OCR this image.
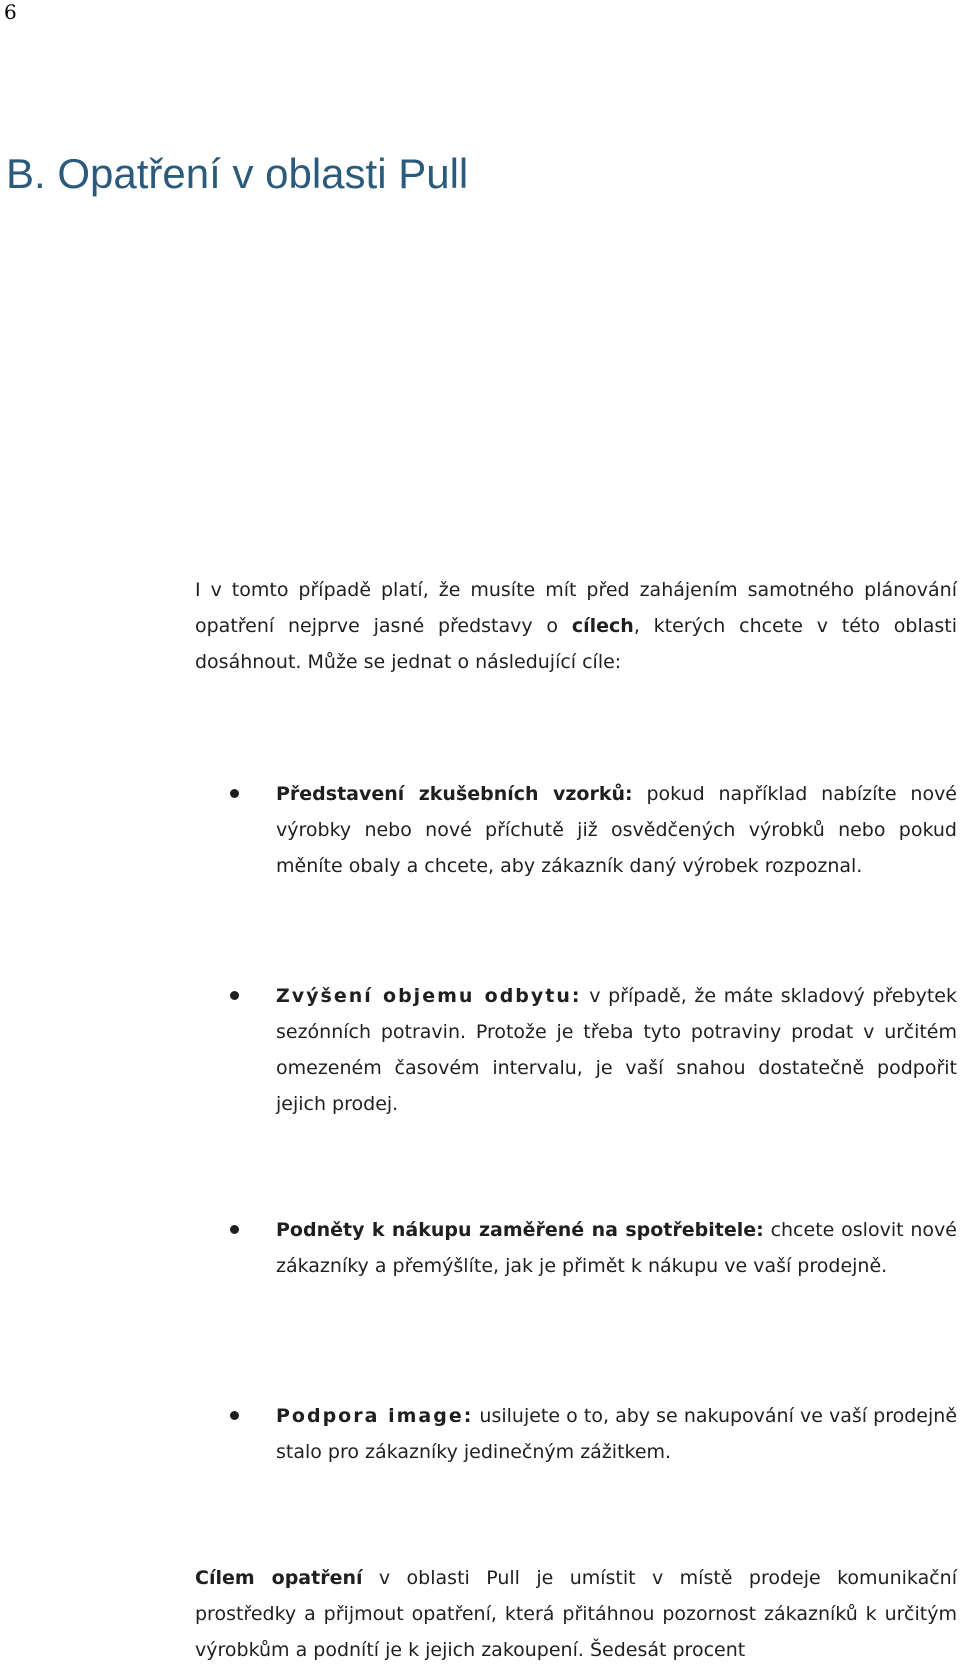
6
B. Opatření v oblasti Pull

I v tomto případě platí, že musíte mít před zahájením samotného plánování opatření nejprve jasné představy o cílech, kterých chcete v této oblasti dosáhnout. Může se jednat o následující cíle:

Představení zkušebních vzorků: pokud například nabízíte nové výrobky nebo nové příchutě již osvědčených výrobků nebo pokud měníte obaly a chcete, aby zákazník daný výrobek rozpoznal.

Zvýšení objemu odbytu: v případě, že máte skladový přebytek sezónních potravin. Protože je třeba tyto potraviny prodat v určitém omezeném časovém intervalu, je vaší snahou dostatečně podpořit jejich prodej.

Podněty k nákupu zaměřené na spotřebitele: chcete oslovit nové zákazníky a přemýšlíte, jak je přimět k nákupu ve vaší prodejně.

Podpora image: usilujete o to, aby se nakupování ve vaší prodejně stalo pro zákazníky jedinečným zážitkem.

Cílem opatření v oblasti Pull je umístit v místě prodeje komunikační prostředky a přijmout opatření, která přitáhnou pozornost zákazníků k určitým výrobkům a podnítí je k jejich zakoupení. Šedesát procent
